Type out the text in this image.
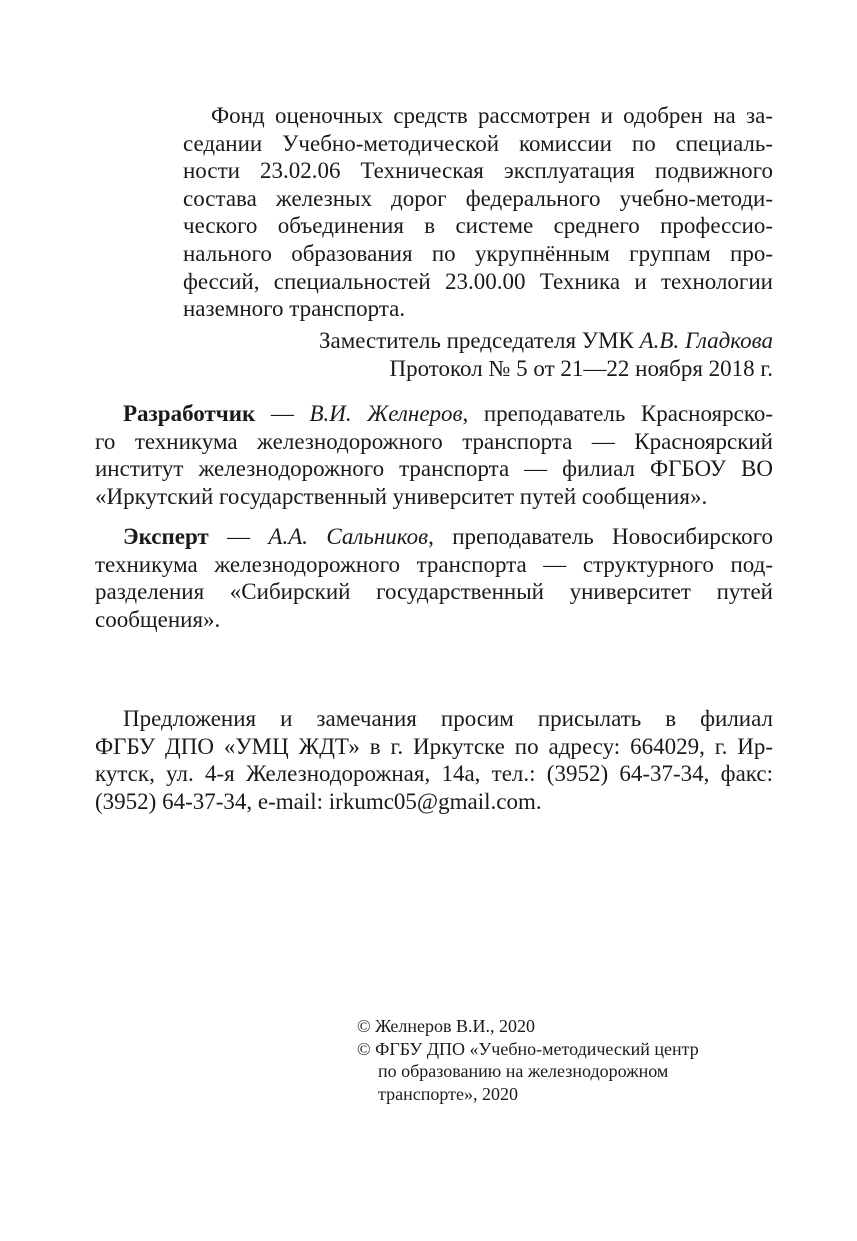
Фонд оценочных средств рассмотрен и одобрен на за-
седании Учебно-методической комиссии по специаль-
ности 23.02.06 Техническая эксплуатация подвижного
состава железных дорог федерального учебно-методи-
ческого объединения в системе среднего профессио-
нального образования по укрупнённым группам про-
фессий, специальностей 23.00.00 Техника и технологии
наземного транспорта.
Заместитель председателя УМК А.В. Гладкова
Протокол № 5 от 21—22 ноября 2018 г.
Разработчик — В.И. Желнеров, преподаватель Красноярско-
го техникума железнодорожного транспорта — Красноярский
институт железнодорожного транспорта — филиал ФГБОУ ВО
«Иркутский государственный университет путей сообщения».
Эксперт — А.А. Сальников, преподаватель Новосибирского
техникума железнодорожного транспорта — структурного под-
разделения «Сибирский государственный университет путей
сообщения».
Предложения и замечания просим присылать в филиал
ФГБУ ДПО «УМЦ ЖДТ» в г. Иркутске по адресу: 664029, г. Ир-
кутск, ул. 4-я Железнодорожная, 14а, тел.: (3952) 64-37-34, факс:
(3952) 64-37-34, e-mail: irkumc05@gmail.com.
© Желнеров В.И., 2020
© ФГБУ ДПО «Учебно-методический центр
по образованию на железнодорожном
транспорте», 2020
